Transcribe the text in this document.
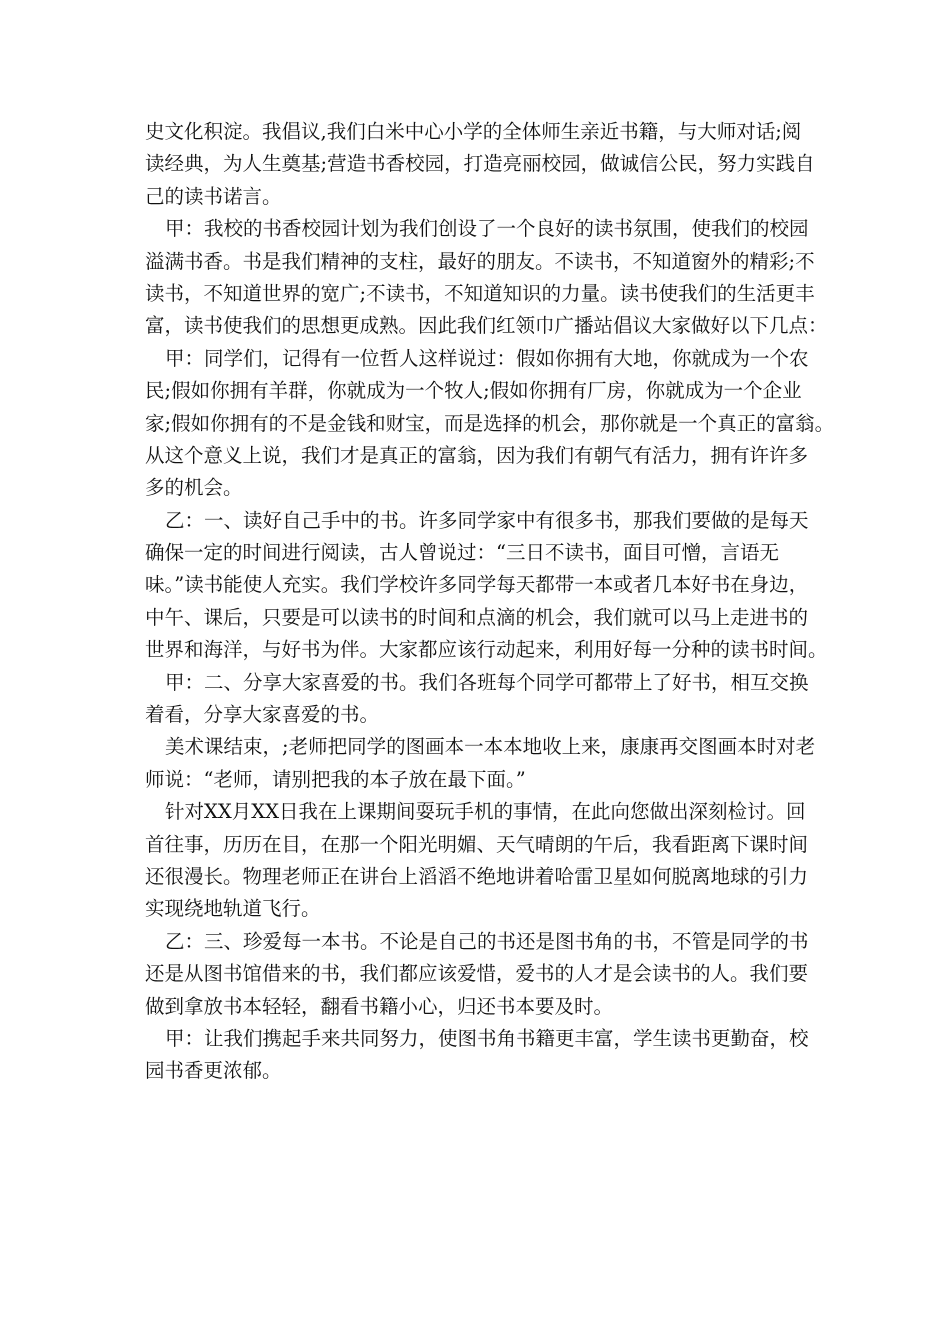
史文化积淀。我倡议,我们白米中心小学的全体师生亲近书籍，与大师对话;阅
读经典，为人生奠基;营造书香校园，打造亮丽校园，做诚信公民，努力实践自
己的读书诺言。
甲：我校的书香校园计划为我们创设了一个良好的读书氛围，使我们的校园
溢满书香。书是我们精神的支柱，最好的朋友。不读书，不知道窗外的精彩;不
读书，不知道世界的宽广;不读书，不知道知识的力量。读书使我们的生活更丰
富，读书使我们的思想更成熟。因此我们红领巾广播站倡议大家做好以下几点：
甲：同学们，记得有一位哲人这样说过：假如你拥有大地，你就成为一个农
民;假如你拥有羊群，你就成为一个牧人;假如你拥有厂房，你就成为一个企业
家;假如你拥有的不是金钱和财宝，而是选择的机会，那你就是一个真正的富翁。
从这个意义上说，我们才是真正的富翁，因为我们有朝气有活力，拥有许许多
多的机会。
乙：一、读好自己手中的书。许多同学家中有很多书，那我们要做的是每天
确保一定的时间进行阅读，古人曾说过：“三日不读书，面目可憎，言语无
味。”读书能使人充实。我们学校许多同学每天都带一本或者几本好书在身边，
中午、课后，只要是可以读书的时间和点滴的机会，我们就可以马上走进书的
世界和海洋，与好书为伴。大家都应该行动起来，利用好每一分种的读书时间。
甲：二、分享大家喜爱的书。我们各班每个同学可都带上了好书，相互交换
着看，分享大家喜爱的书。
美术课结束，;老师把同学的图画本一本本地收上来，康康再交图画本时对老
师说：“老师，请别把我的本子放在最下面。”
针对XX月XX日我在上课期间耍玩手机的事情，在此向您做出深刻检讨。回
首往事，历历在目，在那一个阳光明媚、天气晴朗的午后，我看距离下课时间
还很漫长。物理老师正在讲台上滔滔不绝地讲着哈雷卫星如何脱离地球的引力
实现绕地轨道飞行。
乙：三、珍爱每一本书。不论是自己的书还是图书角的书，不管是同学的书
还是从图书馆借来的书，我们都应该爱惜，爱书的人才是会读书的人。我们要
做到拿放书本轻轻，翻看书籍小心，归还书本要及时。
甲：让我们携起手来共同努力，使图书角书籍更丰富，学生读书更勤奋，校
园书香更浓郁。
